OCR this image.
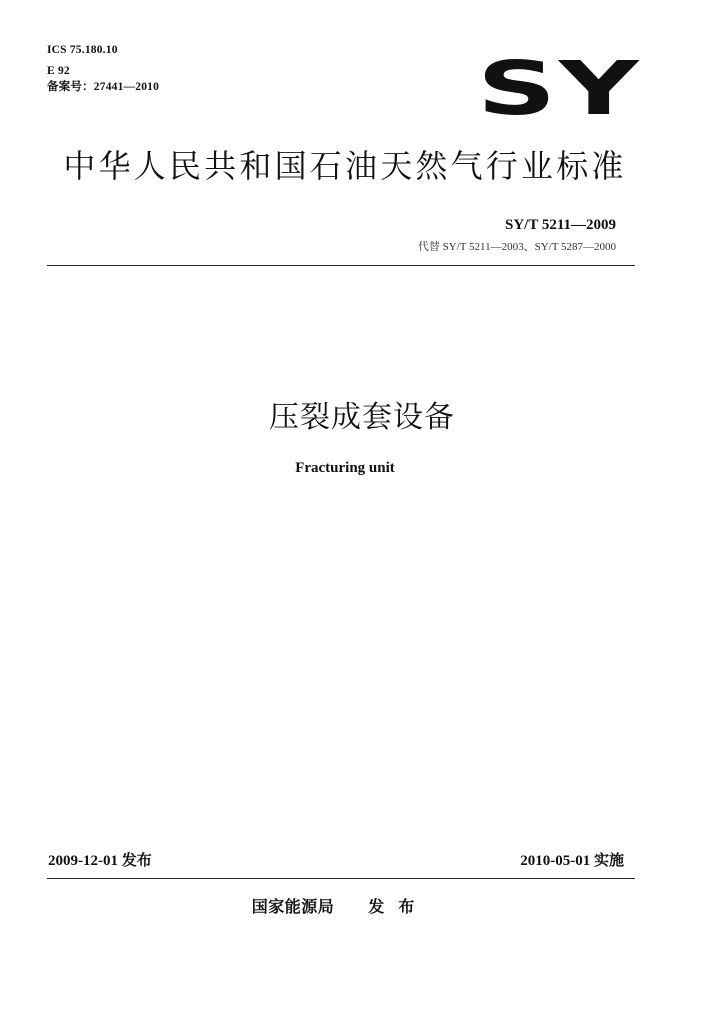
ICS 75.180.10
E 92
备案号：27441—2010	SY
中华人民共和国石油天然气行业标准
SY/T 5211—2009
代替 SY/T 5211—2003、SY/T 5287—2000
压裂成套设备
Fracturing unit
2009-12-01 发布	2010-05-01 实施
国家能源局 发布
